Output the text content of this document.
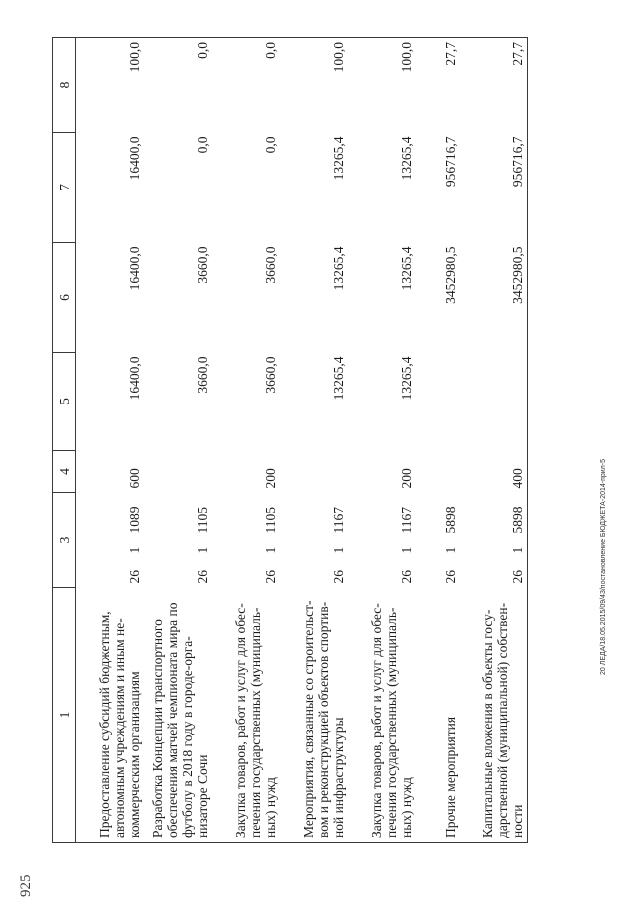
925
1	3			4	5	6	7	8

Предоставление субсидий бюджетным, автономным учреждениям и иным не- коммерческим организациям	26	1	1089	600	16400,0	16400,0	16400,0	100,0

Разработка Концепции транспортного обеспечения матчей чемпионата мира по футболу в 2018 году в городе-орга- низаторе Сочи	26	1	1105		3660,0	3660,0	0,0	0,0

Закупка товаров, работ и услуг для обес- печения государственных (муниципаль- ных) нужд	26	1	1105	200	3660,0	3660,0	0,0	0,0

Мероприятия, связанные со строительст- вом и реконструкцией объектов спортив- ной инфраструктуры	26	1	1167		13265,4	13265,4	13265,4	100,0

Закупка товаров, работ и услуг для обес- печения государственных (муниципаль- ных) нужд	26	1	1167	200	13265,4	13265,4	13265,4	100,0

Прочие мероприятия	26	1	5898			3452980,5	956716,7	27,7

Капитальные вложения в объекты госу- дарственной (муниципальной) собствен- ности	26	1	5898	400		3452980,5	956716,7	27,7
20 ЛЕДА/18.05.2015/09/43/постановление БЮДЖЕТА-2014-прил-5
